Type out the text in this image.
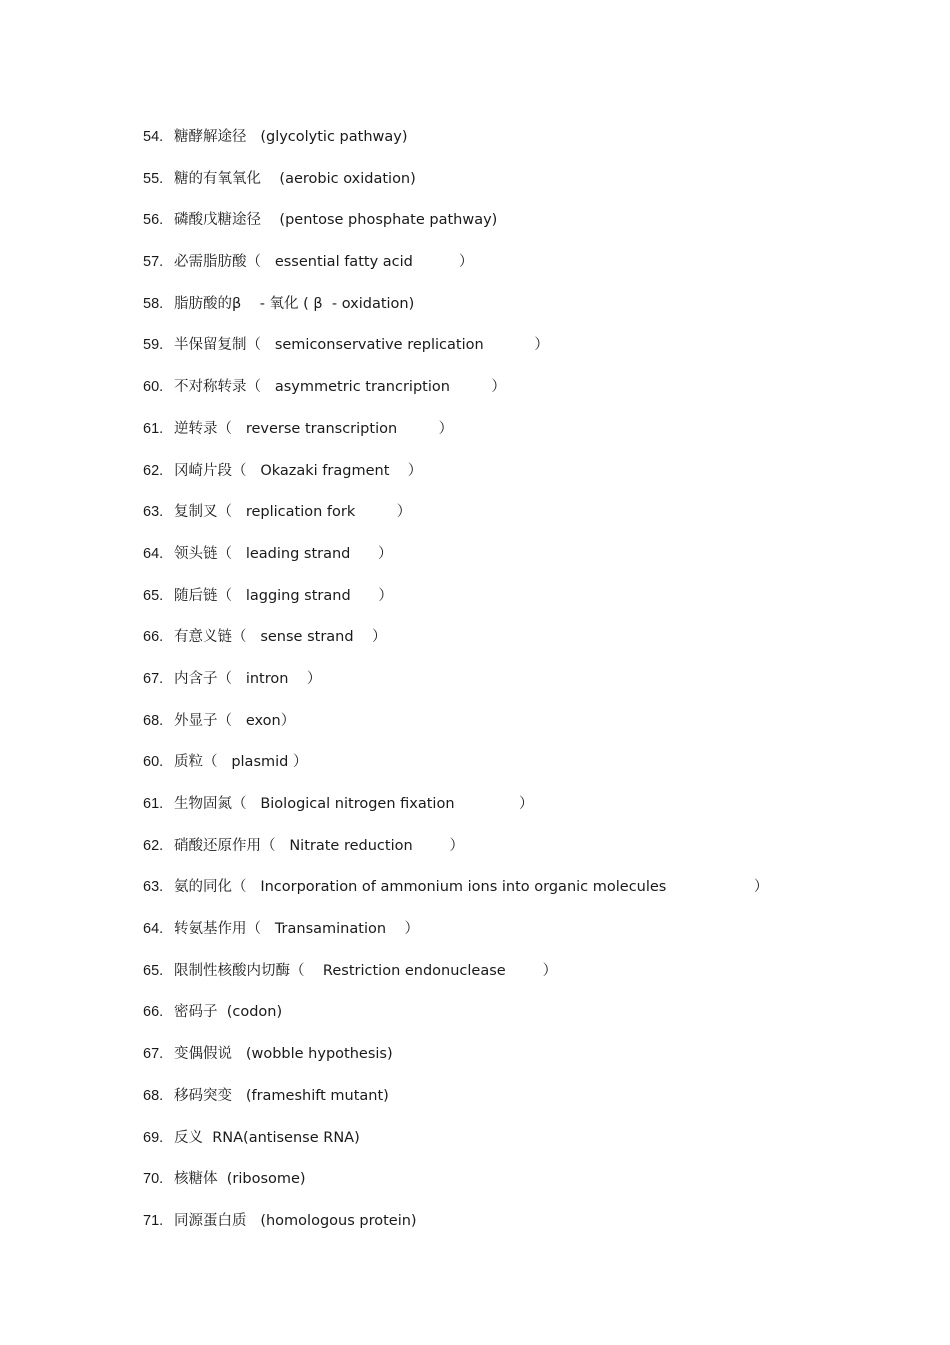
54. 糖酵解途径   (glycolytic pathway)
55. 糖的有氧氧化    (aerobic oxidation)
56. 磷酸戊糖途径    (pentose phosphate pathway)
57. 必需脂肪酸（   essential fatty acid          ）
58. 脂肪酸的β    - 氧化 ( β  - oxidation)
59. 半保留复制（   semiconservative replication           ）
60. 不对称转录（   asymmetric trancription         ）
61. 逆转录（   reverse transcription         ）
62. 冈崎片段（   Okazaki fragment    ）
63. 复制叉（   replication fork         ）
64. 领头链（   leading strand      ）
65. 随后链（   lagging strand      ）
66. 有意义链（   sense strand    ）
67. 内含子（   intron    ）
68. 外显子（   exon）
60. 质粒（   plasmid ）
61. 生物固氮（   Biological nitrogen fixation              ）
62. 硝酸还原作用（   Nitrate reduction        ）
63. 氨的同化（   Incorporation of ammonium ions into organic molecules                   ）
64. 转氨基作用（   Transamination    ）
65. 限制性核酸内切酶（    Restriction endonuclease        ）
66. 密码子  (codon)
67. 变偶假说   (wobble hypothesis)
68. 移码突变   (frameshift mutant)
69. 反义  RNA(antisense RNA)
70. 核糖体  (ribosome)
71. 同源蛋白质   (homologous protein)
